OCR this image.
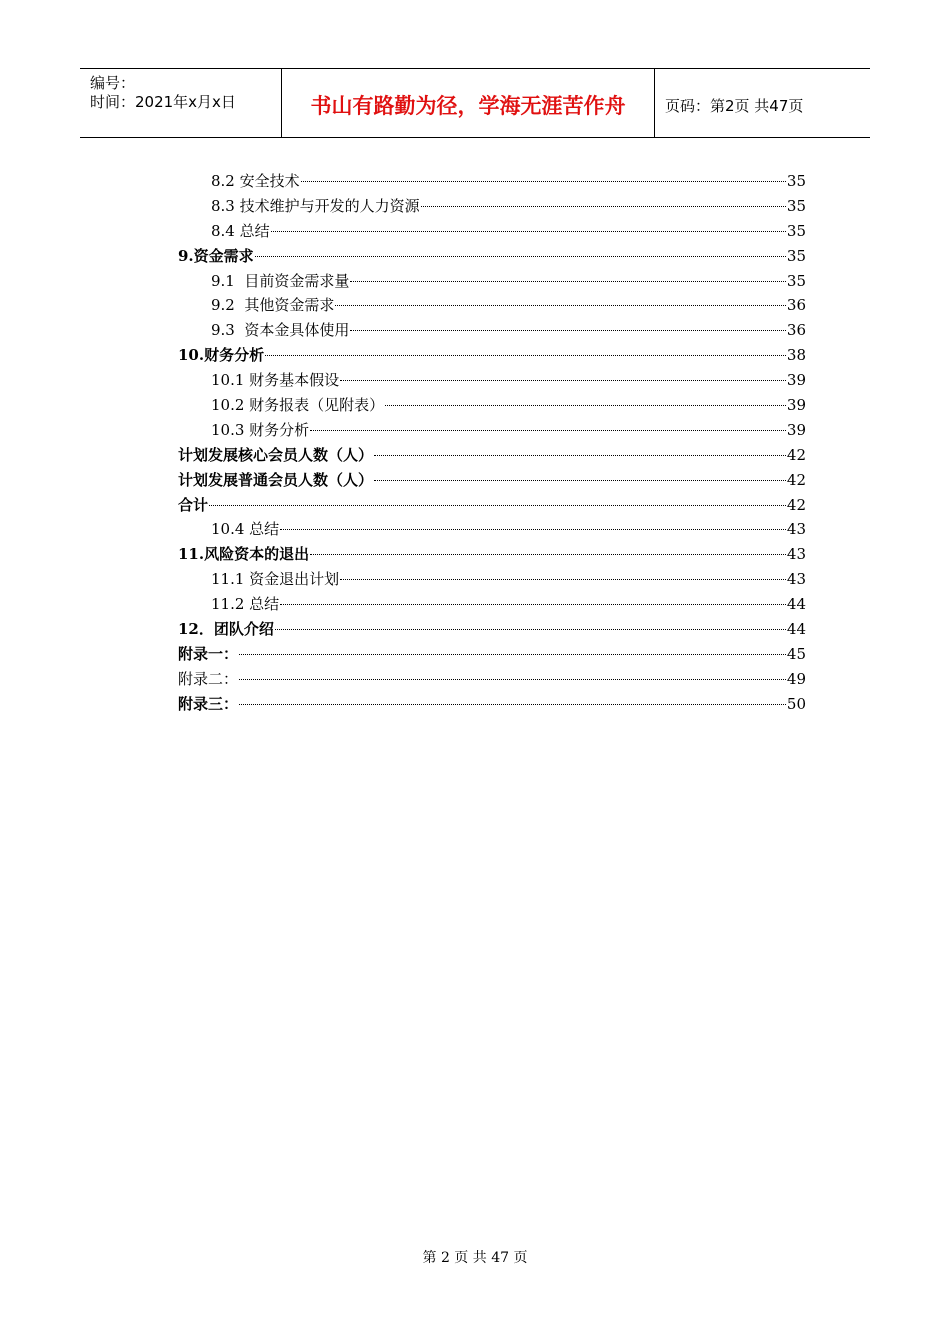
编号：
时间：2021年x月x日	书山有路勤为径，学海无涯苦作舟	页码：第2页 共47页
8.2 安全技术	35
8.3 技术维护与开发的人力资源	35
8.4 总结	35
9.资金需求	35
9.1  目前资金需求量	35
9.2  其他资金需求	36
9.3  资本金具体使用	36
10.财务分析	38
10.1 财务基本假设	39
10.2 财务报表（见附表）	39
10.3 财务分析	39
计划发展核心会员人数（人）	42
计划发展普通会员人数（人）	42
合计	42
10.4 总结	43
11.风险资本的退出	43
11.1 资金退出计划	43
11.2 总结	44
12．团队介绍	44
附录一：	45
附录二：	49
附录三：	50
第 2 页 共 47 页
